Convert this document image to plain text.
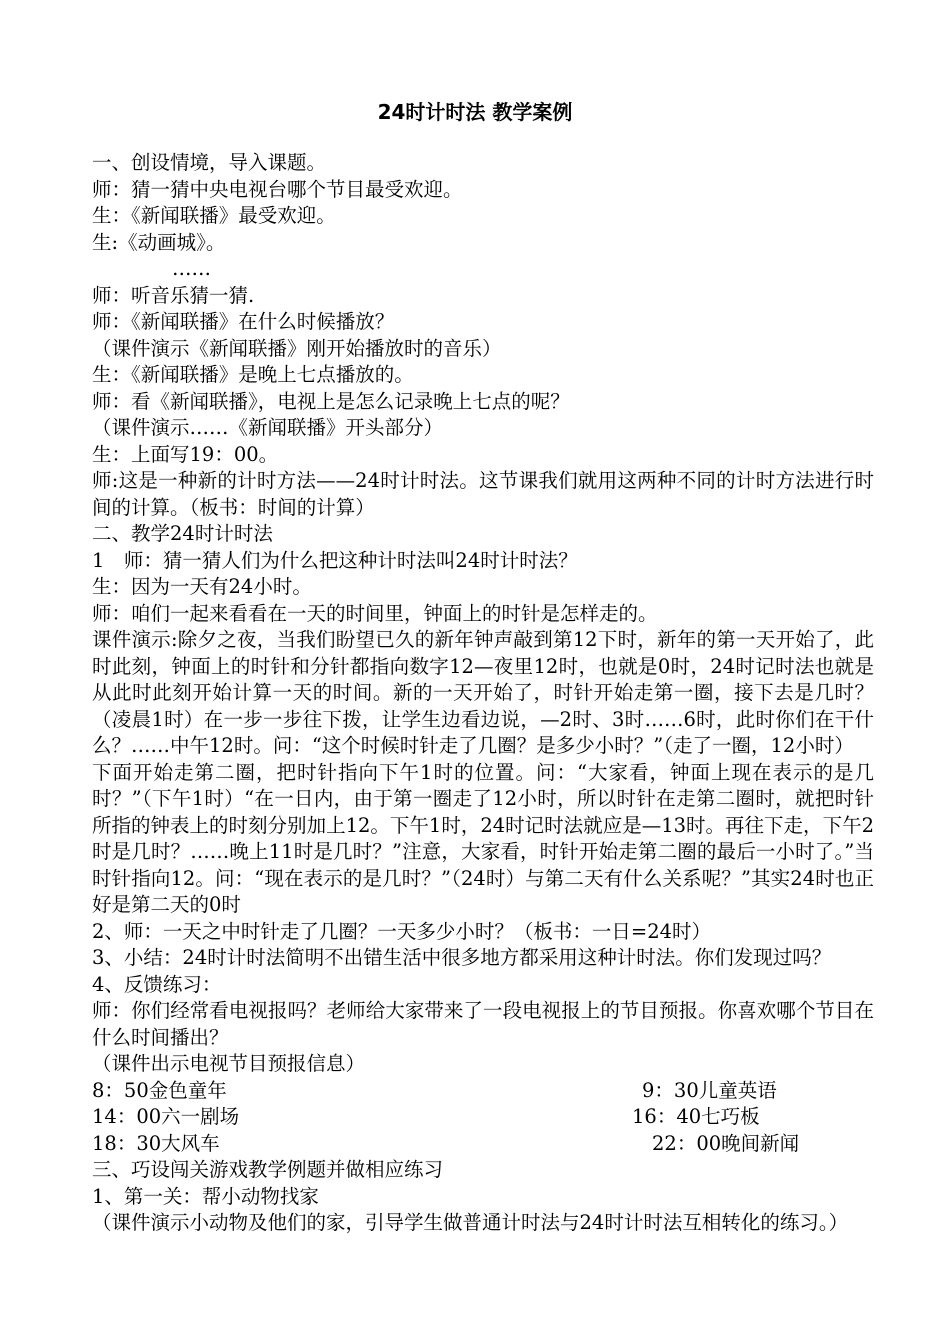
24时计时法 教学案例
一、创设情境，导入课题。
师：猜一猜中央电视台哪个节目最受欢迎。
生：《新闻联播》最受欢迎。
生:《动画城》。
……
师：听音乐猜一猜.
师：《新闻联播》在什么时候播放？
（课件演示《新闻联播》刚开始播放时的音乐）
生：《新闻联播》是晚上七点播放的。
师：看《新闻联播》，电视上是怎么记录晚上七点的呢？
（课件演示……《新闻联播》开头部分）
生：上面写19：00。
师:这是一种新的计时方法——24时计时法。这节课我们就用这两种不同的计时方法进行时间的计算。（板书：时间的计算）
二、教学24时计时法
1　师：猜一猜人们为什么把这种计时法叫24时计时法？
生：因为一天有24小时。
师：咱们一起来看看在一天的时间里，钟面上的时针是怎样走的。
课件演示:除夕之夜，当我们盼望已久的新年钟声敲到第12下时，新年的第一天开始了，此时此刻，钟面上的时针和分针都指向数字12—夜里12时，也就是0时，24时记时法也就是从此时此刻开始计算一天的时间。新的一天开始了，时针开始走第一圈，接下去是几时？（凌晨1时）在一步一步往下拨，让学生边看边说，—2时、3时……6时，此时你们在干什么？……中午12时。问：“这个时候时针走了几圈？是多少小时？”（走了一圈，12小时）
下面开始走第二圈，把时针指向下午1时的位置。问：“大家看，钟面上现在表示的是几时？”（下午1时）“在一日内，由于第一圈走了12小时，所以时针在走第二圈时，就把时针所指的钟表上的时刻分别加上12。下午1时，24时记时法就应是—13时。再往下走，下午2时是几时？……晚上11时是几时？”注意，大家看，时针开始走第二圈的最后一小时了。”当时针指向12。问：“现在表示的是几时？”（24时）与第二天有什么关系呢？”其实24时也正好是第二天的0时
2、师：一天之中时针走了几圈？一天多少小时？（板书：一日=24时）
3、小结：24时计时法简明不出错生活中很多地方都采用这种计时法。你们发现过吗？
4、反馈练习：
师：你们经常看电视报吗？老师给大家带来了一段电视报上的节目预报。你喜欢哪个节目在什么时间播出？
（课件出示电视节目预报信息）
8：50金色童年	9：30儿童英语
14：00六一剧场	16：40七巧板
18：30大风车	22：00晚间新闻
三、巧设闯关游戏教学例题并做相应练习
1、第一关：帮小动物找家
（课件演示小动物及他们的家，引导学生做普通计时法与24时计时法互相转化的练习。）
